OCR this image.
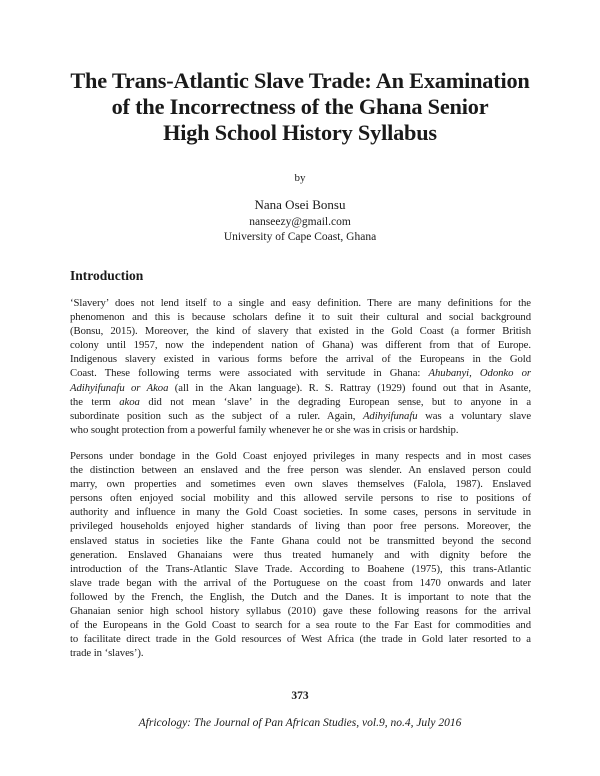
The Trans-Atlantic Slave Trade: An Examination
of the Incorrectness of the Ghana Senior
High School History Syllabus
by
Nana Osei Bonsu
nanseezy@gmail.com
University of Cape Coast, Ghana
Introduction
‘Slavery’ does not lend itself to a single and easy definition. There are many definitions for the
phenomenon and this is because scholars define it to suit their cultural and social background
(Bonsu, 2015). Moreover, the kind of slavery that existed in the Gold Coast (a former British
colony until 1957, now the independent nation of Ghana) was different from that of Europe.
Indigenous slavery existed in various forms before the arrival of the Europeans in the Gold
Coast. These following terms were associated with servitude in Ghana: Ahubanyi, Odonko or
Adihyifunafu or Akoa (all in the Akan language). R. S. Rattray (1929) found out that in Asante,
the term akoa did not mean ‘slave’ in the degrading European sense, but to anyone in a
subordinate position such as the subject of a ruler. Again, Adihyifunafu was a voluntary slave
who sought protection from a powerful family whenever he or she was in crisis or hardship.
Persons under bondage in the Gold Coast enjoyed privileges in many respects and in most cases
the distinction between an enslaved and the free person was slender. An enslaved person could
marry, own properties and sometimes even own slaves themselves (Falola, 1987). Enslaved
persons often enjoyed social mobility and this allowed servile persons to rise to positions of
authority and influence in many the Gold Coast societies. In some cases, persons in servitude in
privileged households enjoyed higher standards of living than poor free persons. Moreover, the
enslaved status in societies like the Fante Ghana could not be transmitted beyond the second
generation. Enslaved Ghanaians were thus treated humanely and with dignity before the
introduction of the Trans-Atlantic Slave Trade. According to Boahene (1975), this trans-Atlantic
slave trade began with the arrival of the Portuguese on the coast from 1470 onwards and later
followed by the French, the English, the Dutch and the Danes. It is important to note that the
Ghanaian senior high school history syllabus (2010) gave these following reasons for the arrival
of the Europeans in the Gold Coast to search for a sea route to the Far East for commodities and
to facilitate direct trade in the Gold resources of West Africa (the trade in Gold later resorted to a
trade in ‘slaves’).
373
Africology: The Journal of Pan African Studies, vol.9, no.4, July 2016
